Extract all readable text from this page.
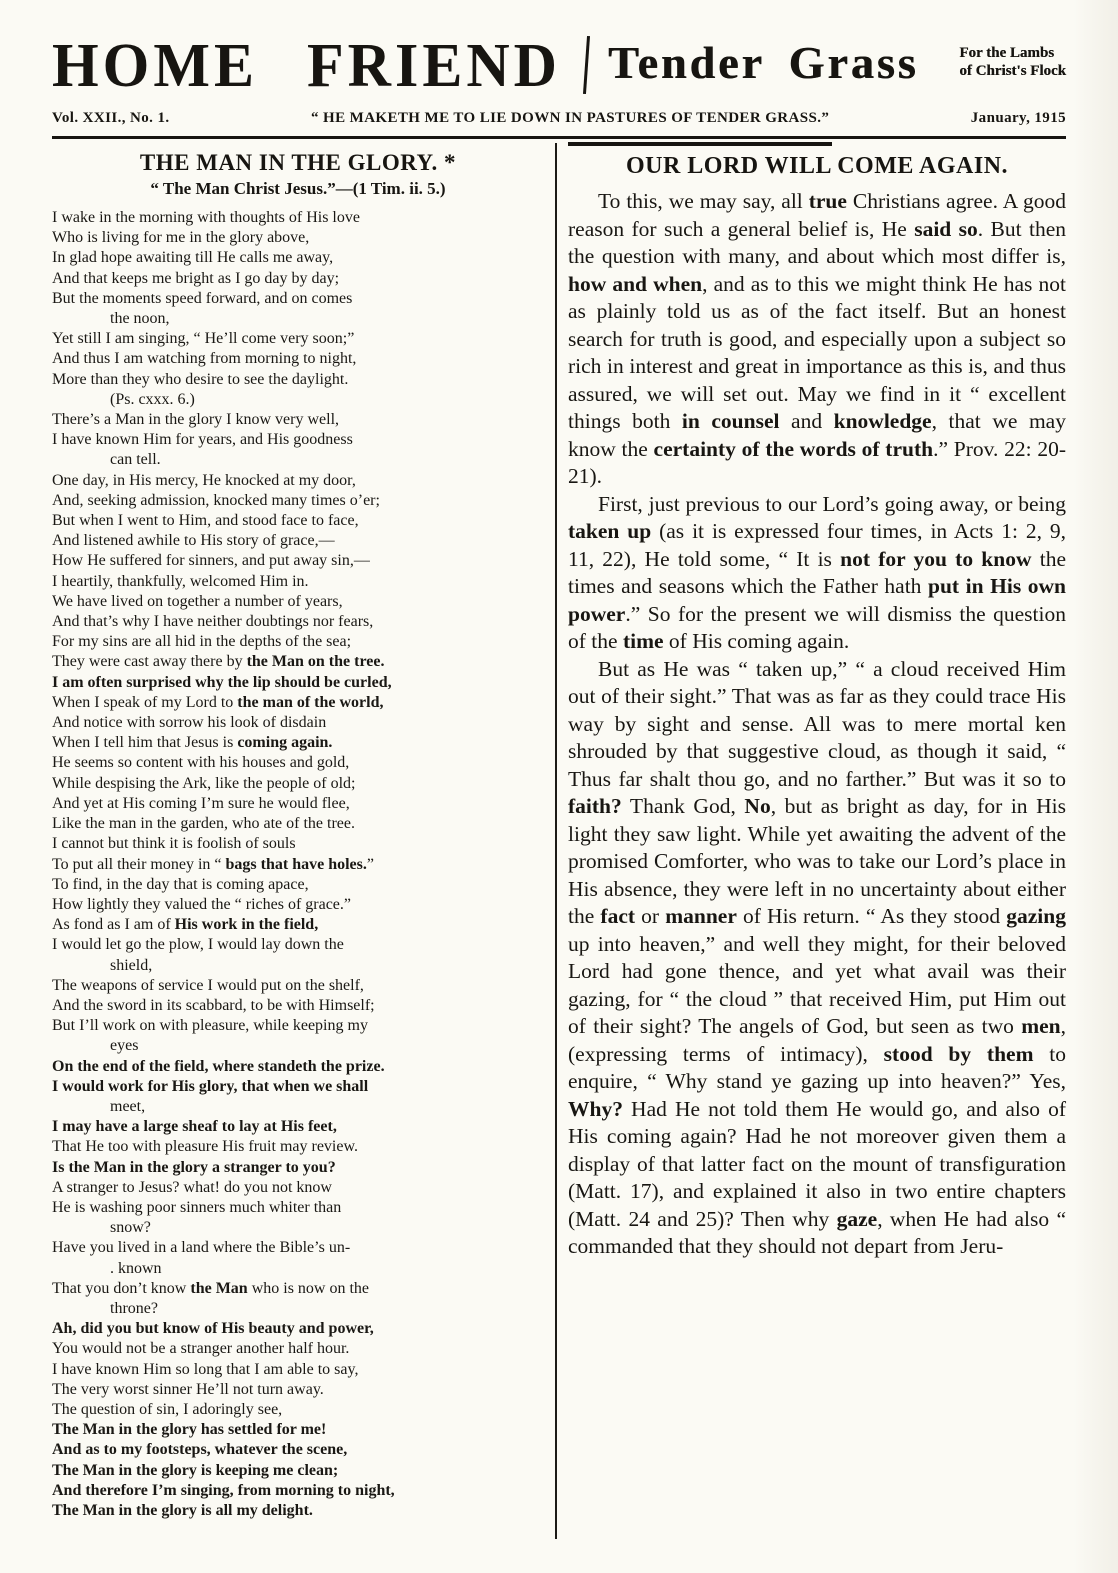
HOME FRIEND Tender Grass	For the Lambs
of Christ's Flock
Vol. XXII., No. 1.	“ HE MAKETH ME TO LIE DOWN IN PASTURES OF TENDER GRASS.”	January, 1915
THE MAN IN THE GLORY. *
“ The Man Christ Jesus.”—(1 Tim. ii. 5.)
I wake in the morning with thoughts of His love
Who is living for me in the glory above,
In glad hope awaiting till He calls me away,
And that keeps me bright as I go day by day;
But the moments speed forward, and on comes
the noon,
Yet still I am singing, “ He’ll come very soon;”
And thus I am watching from morning to night,
More than they who desire to see the daylight.
(Ps. cxxx. 6.)
There’s a Man in the glory I know very well,
I have known Him for years, and His goodness
can tell.
One day, in His mercy, He knocked at my door,
And, seeking admission, knocked many times o’er;
But when I went to Him, and stood face to face,
And listened awhile to His story of grace,—
How He suffered for sinners, and put away sin,—
I heartily, thankfully, welcomed Him in.
We have lived on together a number of years,
And that’s why I have neither doubtings nor fears,
For my sins are all hid in the depths of the sea;
They were cast away there by the Man on the tree.
I am often surprised why the lip should be curled,
When I speak of my Lord to the man of the world,
And notice with sorrow his look of disdain
When I tell him that Jesus is coming again.
He seems so content with his houses and gold,
While despising the Ark, like the people of old;
And yet at His coming I’m sure he would flee,
Like the man in the garden, who ate of the tree.
I cannot but think it is foolish of souls
To put all their money in “ bags that have holes.”
To find, in the day that is coming apace,
How lightly they valued the “ riches of grace.”
As fond as I am of His work in the field,
I would let go the plow, I would lay down the
shield,
The weapons of service I would put on the shelf,
And the sword in its scabbard, to be with Himself;
But I’ll work on with pleasure, while keeping my
eyes
On the end of the field, where standeth the prize.
I would work for His glory, that when we shall
meet,
I may have a large sheaf to lay at His feet,
That He too with pleasure His fruit may review.
Is the Man in the glory a stranger to you?
A stranger to Jesus? what! do you not know
He is washing poor sinners much whiter than
snow?
Have you lived in a land where the Bible’s un-
. known
That you don’t know the Man who is now on the
throne?
Ah, did you but know of His beauty and power,
You would not be a stranger another half hour.
I have known Him so long that I am able to say,
The very worst sinner He’ll not turn away.
The question of sin, I adoringly see,
The Man in the glory has settled for me!
And as to my footsteps, whatever the scene,
The Man in the glory is keeping me clean;
And therefore I’m singing, from morning to night,
The Man in the glory is all my delight.
OUR LORD WILL COME AGAIN.

To this, we may say, all true Christians agree. A good reason for such a general belief is, He said so. But then the question with many, and about which most differ is, how and when, and as to this we might think He has not as plainly told us as of the fact itself. But an honest search for truth is good, and especially upon a subject so rich in interest and great in importance as this is, and thus assured, we will set out. May we find in it “ excellent things both in counsel and knowledge, that we may know the certainty of the words of truth.” Prov. 22: 20-21).

First, just previous to our Lord’s going away, or being taken up (as it is expressed four times, in Acts 1: 2, 9, 11, 22), He told some, “ It is not for you to know the times and seasons which the Father hath put in His own power.” So for the present we will dismiss the question of the time of His coming again.

But as He was “ taken up,” “ a cloud received Him out of their sight.” That was as far as they could trace His way by sight and sense. All was to mere mortal ken shrouded by that suggestive cloud, as though it said, “ Thus far shalt thou go, and no farther.” But was it so to faith? Thank God, No, but as bright as day, for in His light they saw light. While yet awaiting the advent of the promised Comforter, who was to take our Lord’s place in His absence, they were left in no uncertainty about either the fact or manner of His return. “ As they stood gazing up into heaven,” and well they might, for their beloved Lord had gone thence, and yet what avail was their gazing, for “ the cloud ” that received Him, put Him out of their sight? The angels of God, but seen as two men, (expressing terms of intimacy), stood by them to enquire, “ Why stand ye gazing up into heaven?” Yes, Why? Had He not told them He would go, and also of His coming again? Had he not moreover given them a display of that latter fact on the mount of transfiguration (Matt. 17), and explained it also in two entire chapters (Matt. 24 and 25)? Then why gaze, when He had also “ commanded that they should not depart from Jeru-
